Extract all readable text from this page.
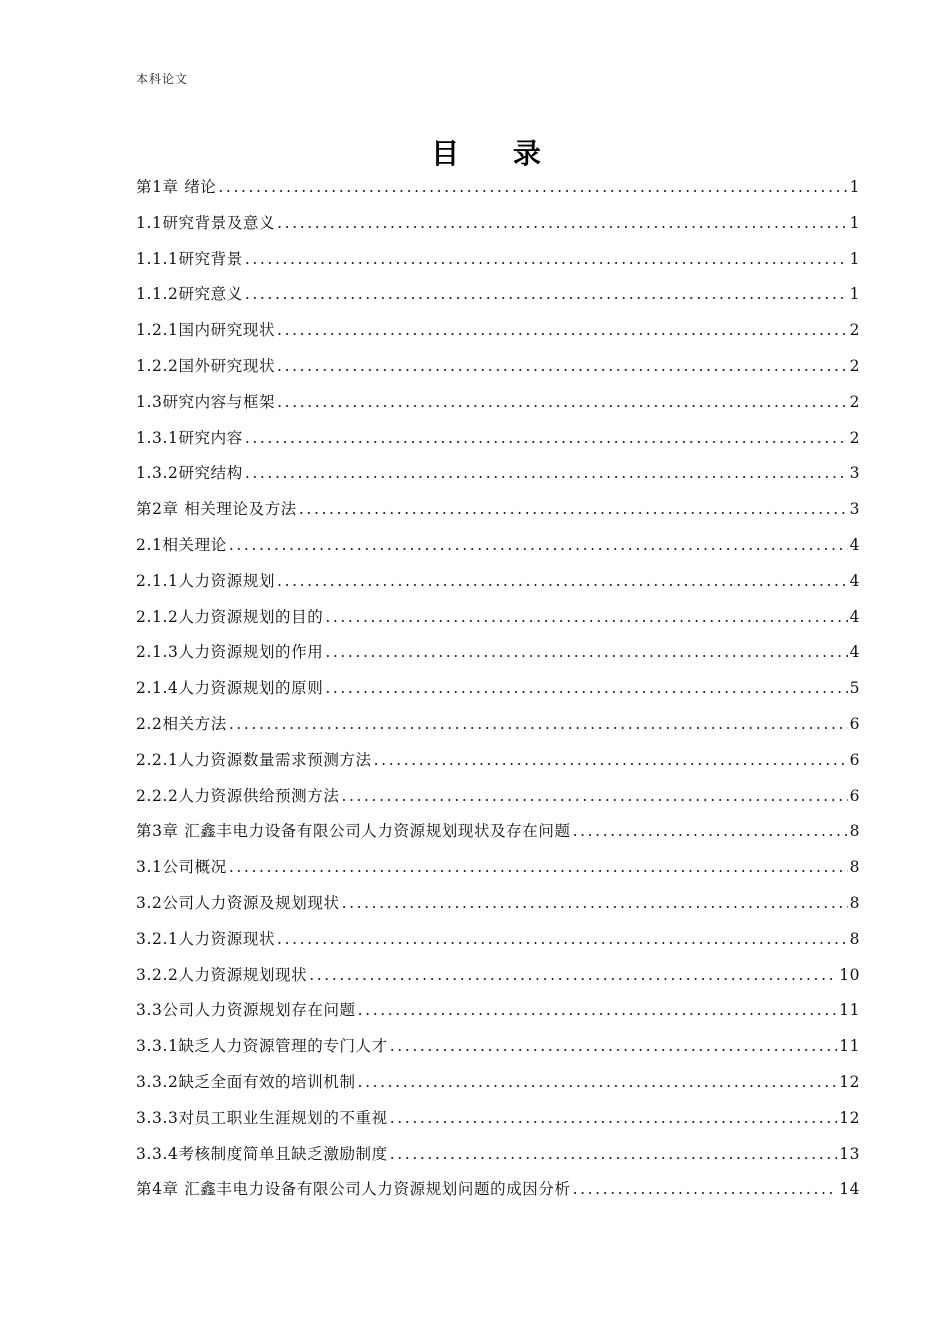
本科论文
目 录
第1章 绪论 .....	1
1.1研究背景及意义 .....	1
1.1.1研究背景 .....	1
1.1.2研究意义 .....	1
1.2.1国内研究现状 .....	2
1.2.2国外研究现状 .....	2
1.3研究内容与框架 .....	2
1.3.1研究内容 .....	2
1.3.2研究结构 .....	3
第2章 相关理论及方法 .....	3
2.1相关理论 .....	4
2.1.1人力资源规划 .....	4
2.1.2人力资源规划的目的 .....	4
2.1.3人力资源规划的作用 .....	4
2.1.4人力资源规划的原则 .....	5
2.2相关方法 .....	6
2.2.1人力资源数量需求预测方法 .....	6
2.2.2人力资源供给预测方法 .....	6
第3章 汇鑫丰电力设备有限公司人力资源规划现状及存在问题 .....	8
3.1公司概况 .....	8
3.2公司人力资源及规划现状 .....	8
3.2.1人力资源现状 .....	8
3.2.2人力资源规划现状 .....	10
3.3公司人力资源规划存在问题 .....	11
3.3.1缺乏人力资源管理的专门人才 .....	11
3.3.2缺乏全面有效的培训机制 .....	12
3.3.3对员工职业生涯规划的不重视 .....	12
3.3.4考核制度简单且缺乏激励制度 .....	13
第4章 汇鑫丰电力设备有限公司人力资源规划问题的成因分析 .....	14
